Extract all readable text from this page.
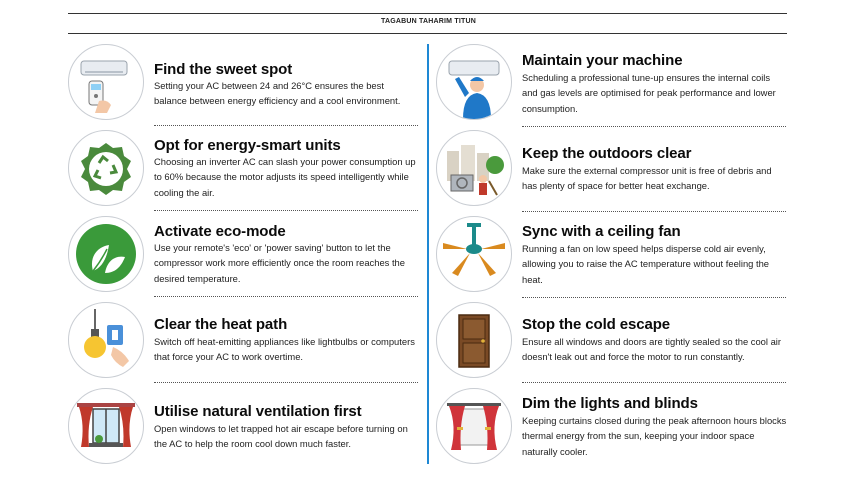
TAGABUN TAHARIM TITUN
Find the sweet spot
Setting your AC between 24 and 26°C ensures the best balance between energy efficiency and a cool environment.
Opt for energy-smart units
Choosing an inverter AC can slash your power consumption up to 60% because the motor adjusts its speed intelligently while cooling the air.
Activate eco-mode
Use your remote's 'eco' or 'power saving' button to let the compressor work more efficiently once the room reaches the desired temperature.
Clear the heat path
Switch off heat-emitting appliances like lightbulbs or computers that force your AC to work overtime.
Utilise natural ventilation first
Open windows to let trapped hot air escape before turning on the AC to help the room cool down much faster.
Maintain your machine
Scheduling a professional tune-up ensures the internal coils and gas levels are optimised for peak performance and lower consumption.
Keep the outdoors clear
Make sure the external compressor unit is free of debris and has plenty of space for better heat exchange.
Sync with a ceiling fan
Running a fan on low speed helps disperse cold air evenly, allowing you to raise the AC temperature without feeling the heat.
Stop the cold escape
Ensure all windows and doors are tightly sealed so the cool air doesn't leak out and force the motor to run constantly.
Dim the lights and blinds
Keeping curtains closed during the peak afternoon hours blocks thermal energy from the sun, keeping your indoor space naturally cooler.
